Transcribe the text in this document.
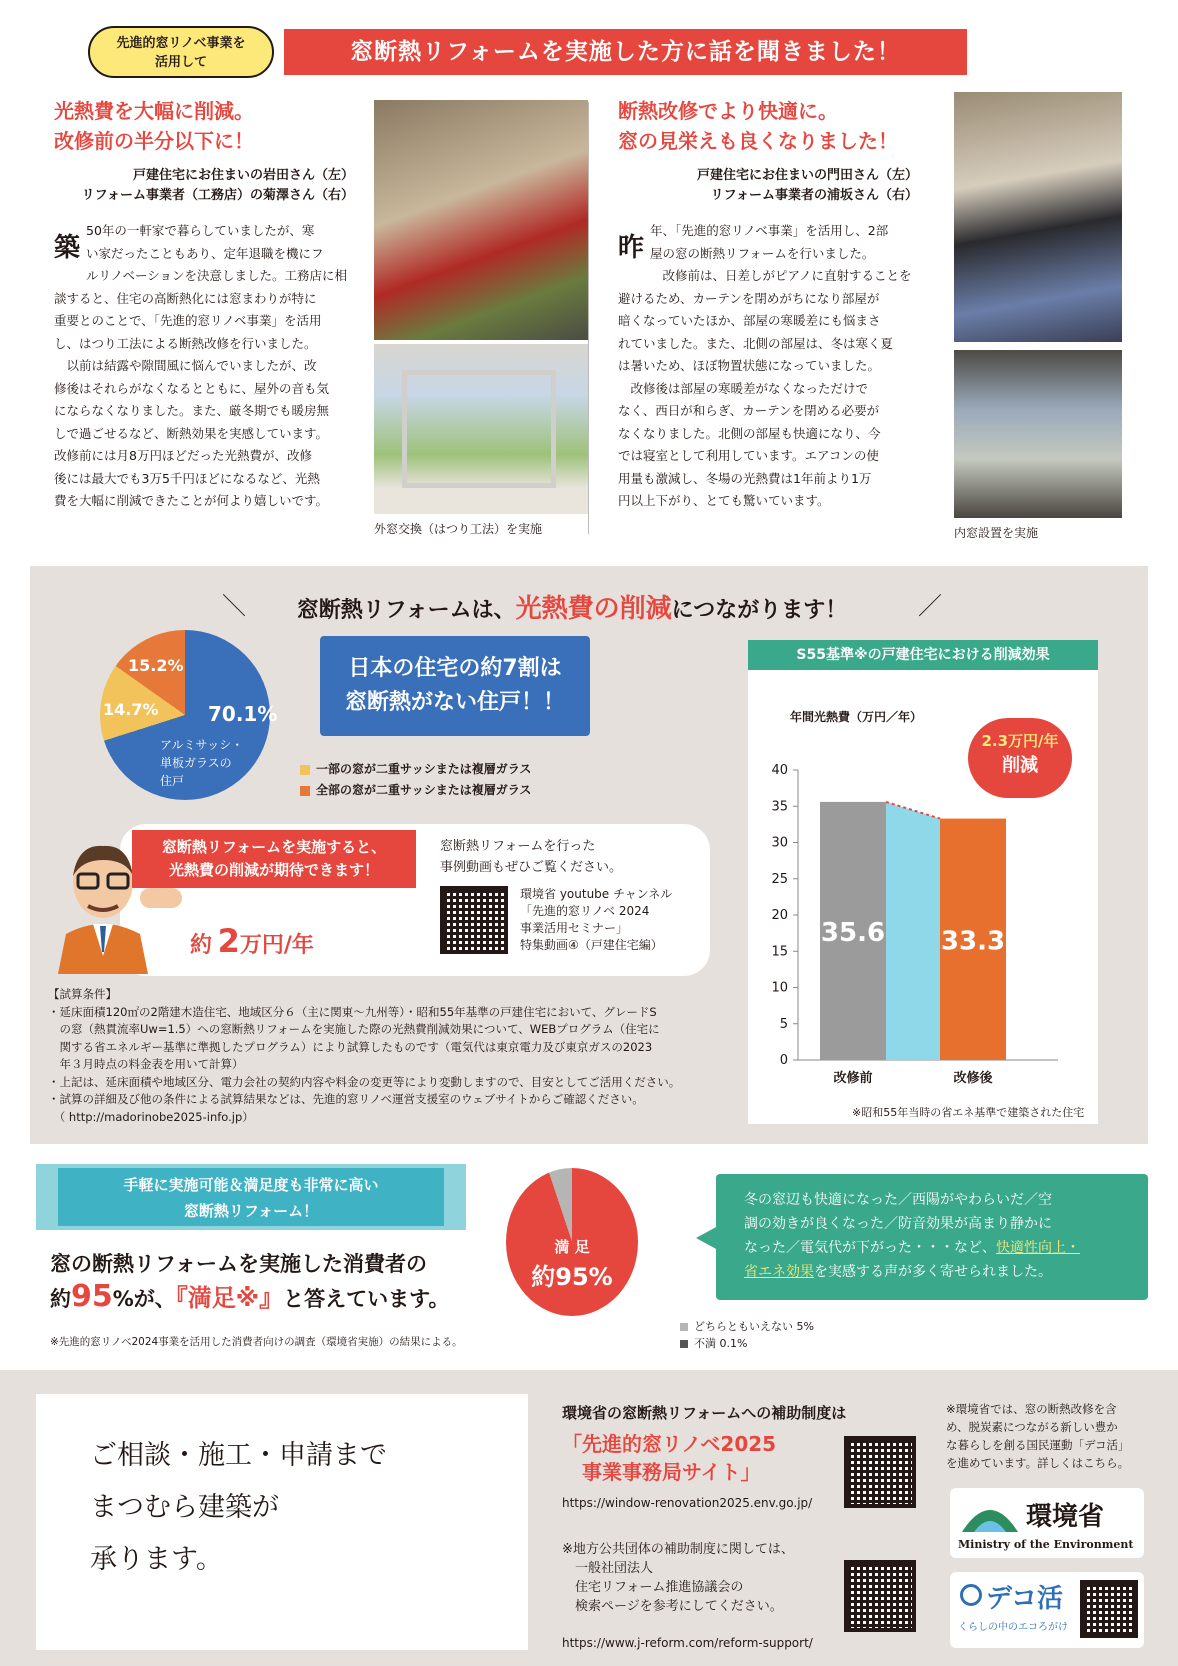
先進的窓リノベ事業を
活用して	窓断熱リフォームを実施した方に話を聞きました！
光熱費を大幅に削減。
改修前の半分以下に！
戸建住宅にお住まいの岩田さん（左）
リフォーム事業者（工務店）の菊澤さん（右）
築
50年の一軒家で暮らしていましたが、寒
い家だったこともあり、定年退職を機にフ
ルリノベーションを決意しました。工務店に相
談すると、住宅の高断熱化には窓まわりが特に
重要とのことで、「先進的窓リノベ事業」を活用
し、はつり工法による断熱改修を行いました。
　以前は結露や隙間風に悩んでいましたが、改
修後はそれらがなくなるとともに、屋外の音も気
にならなくなりました。また、厳冬期でも暖房無
しで過ごせるなど、断熱効果を実感しています。
改修前には月8万円ほどだった光熱費が、改修
後には最大でも3万5千円ほどになるなど、光熱
費を大幅に削減できたことが何より嬉しいです。

外窓交換（はつり工法）を実施
断熱改修でより快適に。
窓の見栄えも良くなりました！
戸建住宅にお住まいの門田さん（左）
リフォーム事業者の浦坂さん（右）
昨
年、「先進的窓リノベ事業」を活用し、2部
屋の窓の断熱リフォームを行いました。
　改修前は、日差しがピアノに直射することを
避けるため、カーテンを閉めがちになり部屋が
暗くなっていたほか、部屋の寒暖差にも悩まさ
れていました。また、北側の部屋は、冬は寒く夏
は暑いため、ほぼ物置状態になっていました。
　改修後は部屋の寒暖差がなくなっただけで
なく、西日が和らぎ、カーテンを閉める必要が
なくなりました。北側の部屋も快適になり、今
では寝室として利用しています。エアコンの使
用量も激減し、冬場の光熱費は1年前より1万
円以上下がり、とても驚いています。

内窓設置を実施
窓断熱リフォームは、光熱費の削減につながります！
＼	／
70.1%
アルミサッシ・
単板ガラスの
住戸
14.7%
15.2%	日本の住宅の約7割は
窓断熱がない住戸！！
一部の窓が二重サッシまたは複層ガラス
全部の窓が二重サッシまたは複層ガラス
窓断熱リフォームを実施すると、
光熱費の削減が期待できます！
約 2万円/年
窓断熱リフォームを行った
事例動画もぜひご覧ください。
環境省 youtube チャンネル
「先進的窓リノベ 2024
事業活用セミナー」
特集動画④（戸建住宅編）
【試算条件】
・延床面積120㎡の2階建木造住宅、地域区分６（主に関東〜九州等）・昭和55年基準の戸建住宅において、グレードS
　の窓（熱貫流率Uw=1.5）への窓断熱リフォームを実施した際の光熱費削減効果について、WEBプログラム（住宅に
　関する省エネルギー基準に準拠したプログラム）により試算したものです（電気代は東京電力及び東京ガスの2023
　年３月時点の料金表を用いて計算）
・上記は、延床面積や地域区分、電力会社の契約内容や料金の変更等により変動しますので、目安としてご活用ください。
・試算の詳細及び他の条件による試算結果などは、先進的窓リノベ運営支援室のウェブサイトからご確認ください。
　（ http://madorinobe2025-info.jp）
S55基準※の戸建住宅における削減効果
年間光熱費（万円／年）
2.3万円/年
削減
40
35
30
25
20
15
10
5
0
35.6
改修前
33.3
改修後
※昭和55年当時の省エネ基準で建築された住宅
手軽に実施可能＆満足度も非常に高い
窓断熱リフォーム！
窓の断熱リフォームを実施した消費者の
約95%が、『満足※』と答えています。
※先進的窓リノベ2024事業を活用した消費者向けの調査（環境省実施）の結果による。
満 足
約95%
どちらともいえない 5%
不満 0.1%
冬の窓辺も快適になった／西陽がやわらいだ／空
調の効きが良くなった／防音効果が高まり静かに
なった／電気代が下がった・・・など、快適性向上・
省エネ効果を実感する声が多く寄せられました。
ご相談・施工・申請まで
まつむら建築が
承ります。
環境省の窓断熱リフォームへの補助制度は
「先進的窓リノベ2025
　事業事務局サイト」
https://window-renovation2025.env.go.jp/
※地方公共団体の補助制度に関しては、
　一般社団法人
　住宅リフォーム推進協議会の
　検索ページを参考にしてください。
https://www.j-reform.com/reform-support/
※環境省では、窓の断熱改修を含
め、脱炭素につながる新しい豊か
な暮らしを創る国民運動「デコ活」
を進めています。詳しくはこちら。
環境省
Ministry of the Environment
デコ活
くらしの中のエコろがけ
